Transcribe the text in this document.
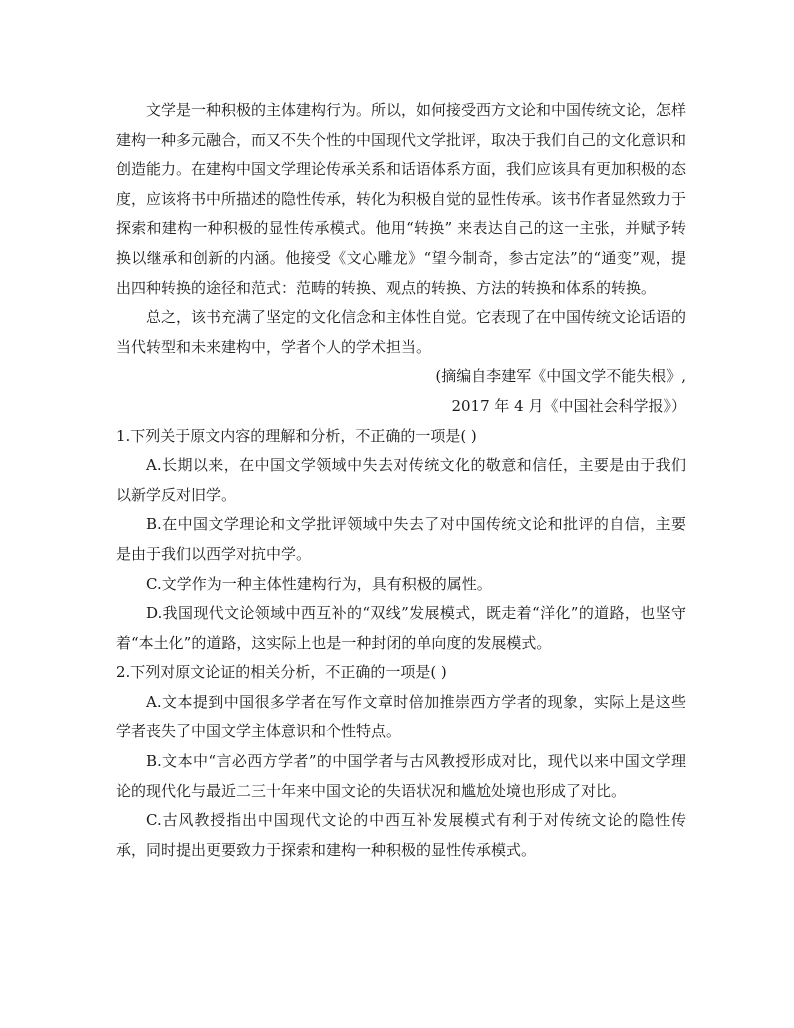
文学是一种积极的主体建构行为。所以，如何接受西方文论和中国传统文论，怎样建构一种多元融合，而又不失个性的中国现代文学批评，取决于我们自己的文化意识和创造能力。在建构中国文学理论传承关系和话语体系方面，我们应该具有更加积极的态度，应该将书中所描述的隐性传承，转化为积极自觉的显性传承。该书作者显然致力于探索和建构一种积极的显性传承模式。他用“转换” 来表达自己的这一主张，并赋予转换以继承和创新的内涵。他接受《文心雕龙》“望今制奇，参古定法”的“通变”观，提出四种转换的途径和范式：范畴的转换、观点的转换、方法的转换和体系的转换。

总之，该书充满了坚定的文化信念和主体性自觉。它表现了在中国传统文论话语的当代转型和未来建构中，学者个人的学术担当。

(摘编自李建军《中国文学不能失根》,

2017 年 4 月《中国社会科学报》）

1.下列关于原文内容的理解和分析，不正确的一项是( )

A.长期以来，在中国文学领域中失去对传统文化的敬意和信任，主要是由于我们以新学反对旧学。

B.在中国文学理论和文学批评领域中失去了对中国传统文论和批评的自信，主要是由于我们以西学对抗中学。

C.文学作为一种主体性建构行为，具有积极的属性。

D.我国现代文论领域中西互补的“双线”发展模式，既走着“洋化”的道路，也坚守着“本土化”的道路，这实际上也是一种封闭的单向度的发展模式。

2.下列对原文论证的相关分析，不正确的一项是( )

A.文本提到中国很多学者在写作文章时倍加推崇西方学者的现象，实际上是这些学者丧失了中国文学主体意识和个性特点。

B.文本中“言必西方学者”的中国学者与古风教授形成对比，现代以来中国文学理论的现代化与最近二三十年来中国文论的失语状况和尴尬处境也形成了对比。

C.古风教授指出中国现代文论的中西互补发展模式有利于对传统文论的隐性传承，同时提出更要致力于探索和建构一种积极的显性传承模式。
